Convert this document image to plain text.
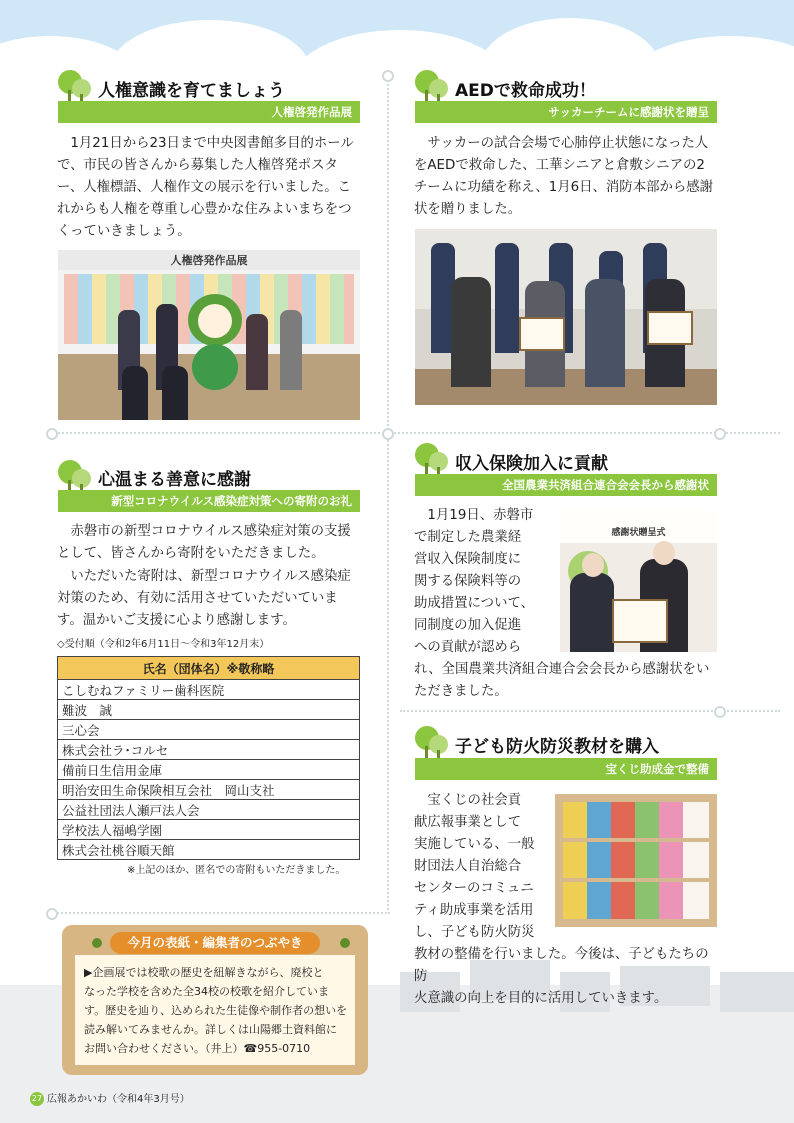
人権意識を育てましょう
人権啓発作品展

　1月21日から23日まで中央図書館多目的ホールで、市民の皆さんから募集した人権啓発ポスター、人権標語、人権作文の展示を行いました。これからも人権を尊重し心豊かな住みよいまちをつくっていきましょう。

人権啓発作品展
AEDで救命成功！
サッカーチームに感謝状を贈呈

　サッカーの試合会場で心肺停止状態になった人をAEDで救命した、工華シニアと倉敷シニアの2チームに功績を称え、1月6日、消防本部から感謝状を贈りました。

心温まる善意に感謝
新型コロナウイルス感染症対策への寄附のお礼

　赤磐市の新型コロナウイルス感染症対策の支援として、皆さんから寄附をいただきました。

　いただいた寄附は、新型コロナウイルス感染症対策のため、有効に活用させていただいています。温かいご支援に心より感謝します。

◇受付順（令和2年6月11日～令和3年12月末）
氏名（団体名）※敬称略
こしむねファミリー歯科医院
難波　誠
三心会
株式会社ラ･コルセ
備前日生信用金庫
明治安田生命保険相互会社　岡山支社
公益社団法人瀬戸法人会
学校法人福嶋学園
株式会社桃谷順天館
※上記のほか、匿名での寄附もいただきました。
収入保険加入に貢献
全国農業共済組合連合会会長から感謝状
　1月19日、赤磐市
で制定した農業経
営収入保険制度に
関する保険料等の
助成措置について、
同制度の加入促進
への貢献が認めら
れ、全国農業共済組合連合会会長から感謝状をい
ただきました。
感謝状贈呈式
子ども防火防災教材を購入
宝くじ助成金で整備
　宝くじの社会貢
献広報事業として
実施している、一般
財団法人自治総合
センターのコミュニ
ティ助成事業を活用
し、子ども防火防災
教材の整備を行いました。今後は、子どもたちの防
火意識の向上を目的に活用していきます。
今月の表紙・編集者のつぶやき
▶企画展では校歌の歴史を紐解きながら、廃校と
なった学校を含めた全34校の校歌を紹介していま
す。歴史を辿り、込められた生徒像や制作者の想いを
読み解いてみませんか。詳しくは山陽郷土資料館に
お問い合わせください。（井上）☎955-0710
27 広報あかいわ（令和4年3月号）
